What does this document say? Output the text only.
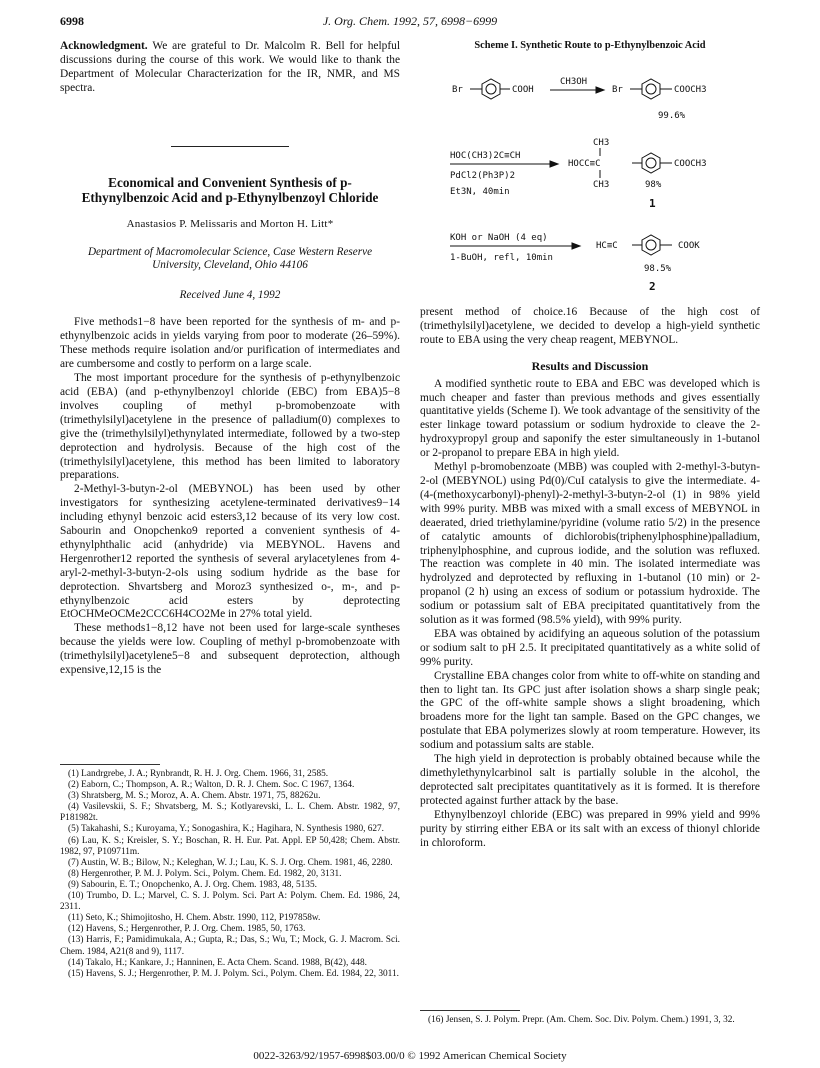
6998	J. Org. Chem. 1992, 57, 6998−6999

Acknowledgment. We are grateful to Dr. Malcolm R. Bell for helpful discussions during the course of this work. We would like to thank the Department of Molecular Characterization for the IR, NMR, and MS spectra.

Economical and Convenient Synthesis of p-Ethynylbenzoic Acid and p-Ethynylbenzoyl Chloride
Anastasios P. Melissaris and Morton H. Litt*
Department of Macromolecular Science, Case Western Reserve University, Cleveland, Ohio 44106
Received June 4, 1992

Five methods1−8 have been reported for the synthesis of m- and p-ethynylbenzoic acids in yields varying from poor to moderate (26–59%). These methods require isolation and/or purification of intermediates and are cumbersome and costly to perform on a large scale.

The most important procedure for the synthesis of p-ethynylbenzoic acid (EBA) (and p-ethynylbenzoyl chloride (EBC) from EBA)5−8 involves coupling of methyl p-bromobenzoate with (trimethylsilyl)acetylene in the presence of palladium(0) complexes to give the (trimethylsilyl)ethynylated intermediate, followed by a two-step deprotection and hydrolysis. Because of the high cost of the (trimethylsilyl)acetylene, this method has been limited to laboratory preparations.

2-Methyl-3-butyn-2-ol (MEBYNOL) has been used by other investigators for synthesizing acetylene-terminated derivatives9−14 including ethynyl benzoic acid esters3,12 because of its very low cost. Sabourin and Onopchenko9 reported a convenient synthesis of 4-ethynylphthalic acid (anhydride) via MEBYNOL. Havens and Hergenrother12 reported the synthesis of several arylacetylenes from 4-aryl-2-methyl-3-butyn-2-ols using sodium hydride as the base for deprotection. Shvartsberg and Moroz3 synthesized o-, m-, and p-ethynylbenzoic acid esters by deprotecting EtOCHMeOCMe2CCC6H4CO2Me in 27% total yield.

These methods1−8,12 have not been used for large-scale syntheses because the yields were low. Coupling of methyl p-bromobenzoate with (trimethylsilyl)acetylene5−8 and subsequent deprotection, although expensive,12,15 is the

(1) Landrgrebe, J. A.; Rynbrandt, R. H. J. Org. Chem. 1966, 31, 2585.
(2) Eaborn, C.; Thompson, A. R.; Walton, D. R. J. Chem. Soc. C 1967, 1364.
(3) Shratsberg, M. S.; Moroz, A. A. Chem. Abstr. 1971, 75, 88262u.
(4) Vasilevskii, S. F.; Shvatsberg, M. S.; Kotlyarevski, L. L. Chem. Abstr. 1982, 97, P181982t.
(5) Takahashi, S.; Kuroyama, Y.; Sonogashira, K.; Hagihara, N. Synthesis 1980, 627.
(6) Lau, K. S.; Kreisler, S. Y.; Boschan, R. H. Eur. Pat. Appl. EP 50,428; Chem. Abstr. 1982, 97, P109711m.
(7) Austin, W. B.; Bilow, N.; Keleghan, W. J.; Lau, K. S. J. Org. Chem. 1981, 46, 2280.
(8) Hergenrother, P. M. J. Polym. Sci., Polym. Chem. Ed. 1982, 20, 3131.
(9) Sabourin, E. T.; Onopchenko, A. J. Org. Chem. 1983, 48, 5135.
(10) Trumbo, D. L.; Marvel, C. S. J. Polym. Sci. Part A: Polym. Chem. Ed. 1986, 24, 2311.
(11) Seto, K.; Shimojitosho, H. Chem. Abstr. 1990, 112, P197858w.
(12) Havens, S.; Hergenrother, P. J. Org. Chem. 1985, 50, 1763.
(13) Harris, F.; Pamidimukala, A.; Gupta, R.; Das, S.; Wu, T.; Mock, G. J. Macrom. Sci. Chem. 1984, A21(8 and 9), 1117.
(14) Takalo, H.; Kankare, J.; Hanninen, E. Acta Chem. Scand. 1988, B(42), 448.
(15) Havens, S. J.; Hergenrother, P. M. J. Polym. Sci., Polym. Chem. Ed. 1984, 22, 3011.
Scheme I. Synthetic Route to p-Ethynylbenzoic Acid
Br	COOH
CH3OH
Br	COOCH3
99.6%
HOC(CH3)2C≡CH
PdCl2(Ph3P)2
Et3N, 40min
CH3
HOCC≡C
CH3
COOCH3
98%
1
KOH or NaOH (4 eq)
1-BuOH, refl, 10min
HC≡C	COOK
98.5%
2

present method of choice.16 Because of the high cost of (trimethylsilyl)acetylene, we decided to develop a high-yield synthetic route to EBA using the very cheap reagent, MEBYNOL.

Results and Discussion

A modified synthetic route to EBA and EBC was developed which is much cheaper and faster than previous methods and gives essentially quantitative yields (Scheme I). We took advantage of the sensitivity of the ester linkage toward potassium or sodium hydroxide to cleave the 2-hydroxypropyl group and saponify the ester simultaneously in 1-butanol or 2-propanol to prepare EBA in high yield.

Methyl p-bromobenzoate (MBB) was coupled with 2-methyl-3-butyn-2-ol (MEBYNOL) using Pd(0)/CuI catalysis to give the intermediate. 4-(4-(methoxycarbonyl)-phenyl)-2-methyl-3-butyn-2-ol (1) in 98% yield with 99% purity. MBB was mixed with a small excess of MEBYNOL in deaerated, dried triethylamine/pyridine (volume ratio 5/2) in the presence of catalytic amounts of dichlorobis(triphenylphosphine)palladium, triphenylphosphine, and cuprous iodide, and the solution was refluxed. The reaction was complete in 40 min. The isolated intermediate was hydrolyzed and deprotected by refluxing in 1-butanol (10 min) or 2-propanol (2 h) using an excess of sodium or potassium hydroxide. The sodium or potassium salt of EBA precipitated quantitatively from the solution as it was formed (98.5% yield), with 99% purity.

EBA was obtained by acidifying an aqueous solution of the potassium or sodium salt to pH 2.5. It precipitated quantitatively as a white solid of 99% purity.

Crystalline EBA changes color from white to off-white on standing and then to light tan. Its GPC just after isolation shows a sharp single peak; the GPC of the off-white sample shows a slight broadening, which broadens more for the light tan sample. Based on the GPC changes, we postulate that EBA polymerizes slowly at room temperature. However, its sodium and potassium salts are stable.

The high yield in deprotection is probably obtained because while the dimethylethynylcarbinol salt is partially soluble in the alcohol, the deprotected salt precipitates quantitatively as it is formed. It is therefore protected against further attack by the base.

Ethynylbenzoyl chloride (EBC) was prepared in 99% yield and 99% purity by stirring either EBA or its salt with an excess of thionyl chloride in chloroform.

(16) Jensen, S. J. Polym. Prepr. (Am. Chem. Soc. Div. Polym. Chem.) 1991, 3, 32.
0022-3263/92/1957-6998$03.00/0 © 1992 American Chemical Society
